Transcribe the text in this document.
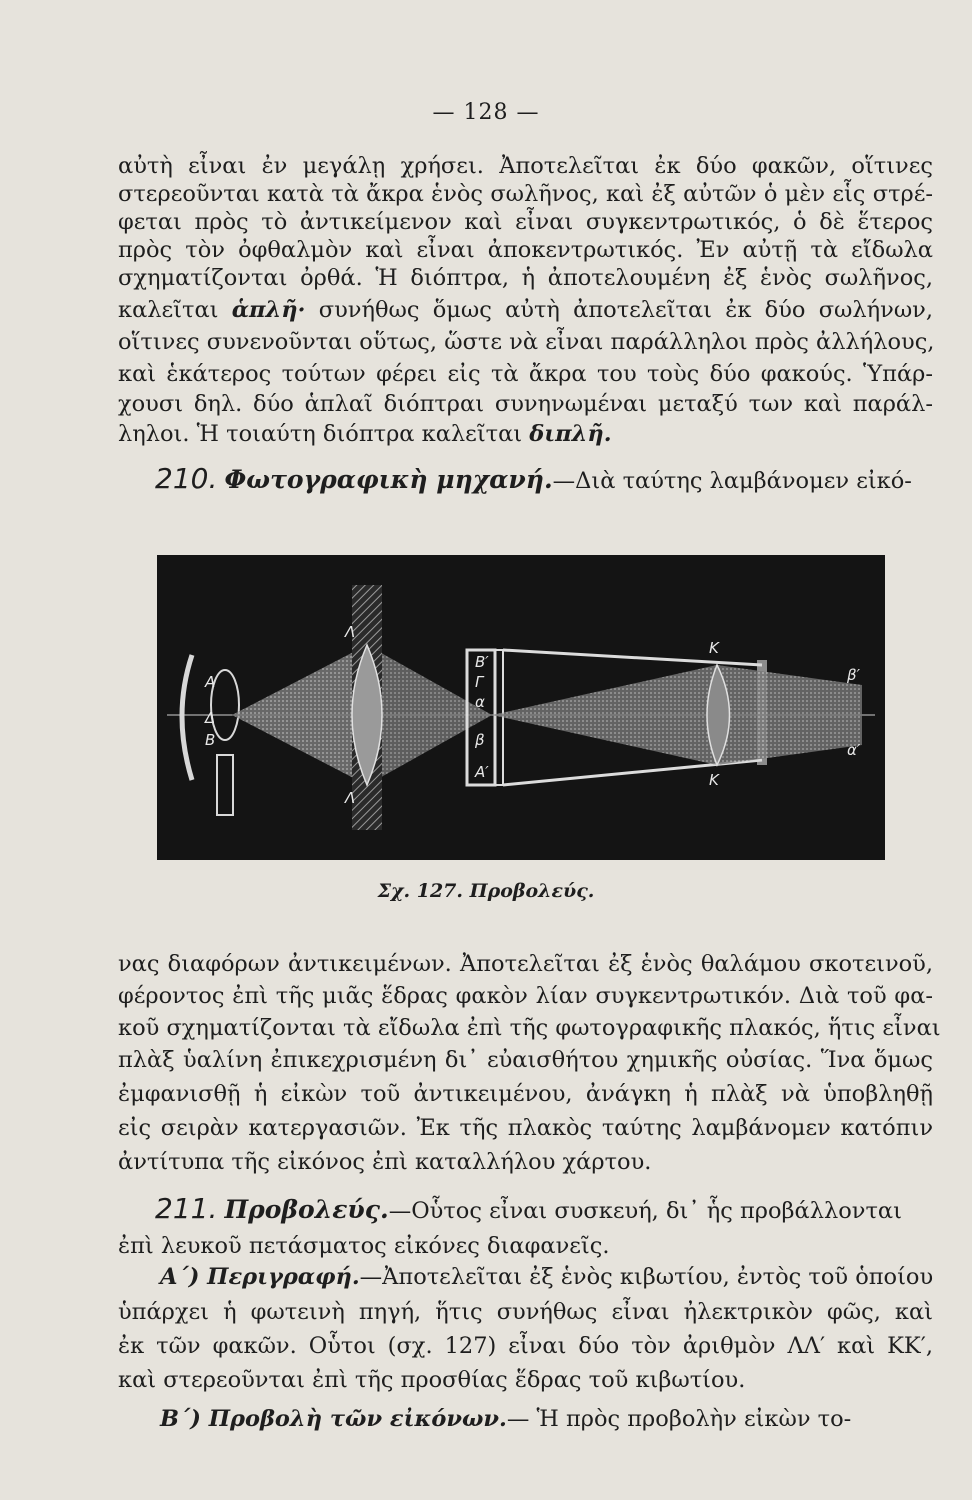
— 128 —
αὐτὴ εἶναι ἐν μεγάλῃ χρήσει. Ἀποτελεῖται ἐκ δύο φακῶν, οἵτινες
στερεοῦνται κατὰ τὰ ἄκρα ἑνὸς σωλῆνος, καὶ ἐξ αὐτῶν ὁ μὲν εἷς στρέ-
φεται πρὸς τὸ ἀντικείμενον καὶ εἶναι συγκεντρωτικός, ὁ δὲ ἕτερος
πρὸς τὸν ὀφθαλμὸν καὶ εἶναι ἀποκεντρωτικός. Ἐν αὐτῇ τὰ εἴδωλα
σχηματίζονται ὀρθά. Ἡ διόπτρα, ἡ ἀποτελουμένη ἐξ ἑνὸς σωλῆνος,
καλεῖται ἁπλῆ· συνήθως ὅμως αὐτὴ ἀποτελεῖται ἐκ δύο σωλήνων,
οἵτινες συνενοῦνται οὕτως, ὥστε νὰ εἶναι παράλληλοι πρὸς ἀλλήλους,
καὶ ἑκάτερος τούτων φέρει εἰς τὰ ἄκρα του τοὺς δύο φακούς. Ὑπάρ-
χουσι δηλ. δύο ἁπλαῖ διόπτραι συνηνωμέναι μεταξύ των καὶ παράλ-
ληλοι. Ἡ τοιαύτη διόπτρα καλεῖται διπλῆ.
210. Φωτογραφικὴ μηχανή.—Διὰ ταύτης λαμβάνομεν εἰκό-
Α
Δ
Β
Λ
Λ
Β′
Γ
α
β
Α′
β′
α′
Κ
Κ
Σχ. 127. Προβολεύς.
νας διαφόρων ἀντικειμένων. Ἀποτελεῖται ἐξ ἑνὸς θαλάμου σκοτεινοῦ,
φέροντος ἐπὶ τῆς μιᾶς ἕδρας φακὸν λίαν συγκεντρωτικόν. Διὰ τοῦ φα-
κοῦ σχηματίζονται τὰ εἴδωλα ἐπὶ τῆς φωτογραφικῆς πλακός, ἥτις εἶναι
πλὰξ ὑαλίνη ἐπικεχρισμένη δι᾿ εὐαισθήτου χημικῆς οὐσίας. Ἵνα ὅμως
ἐμφανισθῇ ἡ εἰκὼν τοῦ ἀντικειμένου, ἀνάγκη ἡ πλὰξ νὰ ὑποβληθῇ
εἰς σειρὰν κατεργασιῶν. Ἐκ τῆς πλακὸς ταύτης λαμβάνομεν κατόπιν
ἀντίτυπα τῆς εἰκόνος ἐπὶ καταλλήλου χάρτου.
211. Προβολεύς.—Οὗτος εἶναι συσκευή, δι᾿ ἧς προβάλλονται
ἐπὶ λευκοῦ πετάσματος εἰκόνες διαφανεῖς.
Α´) Περιγραφή.—Ἀποτελεῖται ἐξ ἑνὸς κιβωτίου, ἐντὸς τοῦ ὁποίου
ὑπάρχει ἡ φωτεινὴ πηγή, ἥτις συνήθως εἶναι ἠλεκτρικὸν φῶς, καὶ
ἐκ τῶν φακῶν. Οὗτοι (σχ. 127) εἶναι δύο τὸν ἀριθμὸν ΛΛ′ καὶ ΚΚ′,
καὶ στερεοῦνται ἐπὶ τῆς προσθίας ἕδρας τοῦ κιβωτίου.
Β´) Προβολὴ τῶν εἰκόνων.— Ἡ πρὸς προβολὴν εἰκὼν το-
